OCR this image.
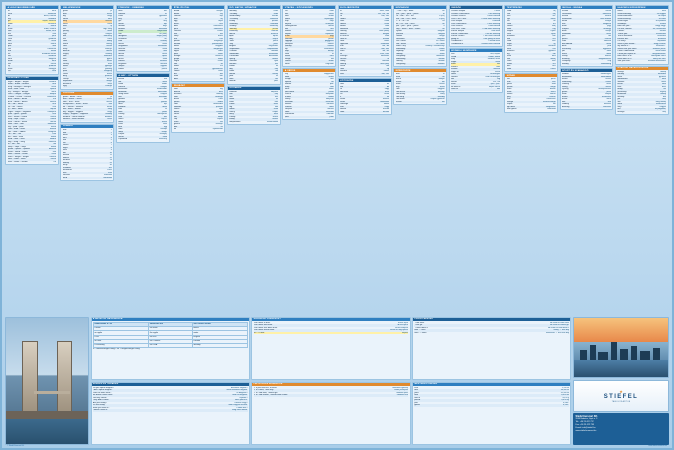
A LEGGYAKORIBB IGÉK
be	lenni
have	birtokolni
do	tenni, csinálni
say	mondani
get	kapni, szerezni
make	készíteni
go	menni
know	tudni, ismerni
take	venni, vinni
see	látni
come	jönni
think	gondolni
look	nézni
want	akarni
give	adni
use	használni
find	találni
tell	mondani vkinek
ask	kérdezni
work	dolgozni
seem	tűnni
feel	érezni
try	próbálni
leave	elhagyni
call	hívni
RENDHAGYÓ IGÉK
begin – began – begun	kezdeni
break – broke – broken	törni
bring – brought – brought	hozni
build – built – built	építeni
buy – bought – bought	venni
catch – caught – caught	elkapni
choose – chose – chosen	választani
drink – drank – drunk	inni
drive – drove – driven	vezetni
eat – ate – eaten	enni
fall – fell – fallen	esni
fly – flew – flown	repülni
forget – forgot – forgotten	elfelejteni
grow – grew – grown	nőni
hear – heard – heard	hallani
keep – kept – kept	tartani
learn – learnt – learnt	tanulni
meet – met – met	találkozni
pay – paid – paid	fizetni
read – read – read	olvasni
ride – rode – ridden	lovagolni
run – ran – run	futni
sell – sold – sold	eladni
send – sent – sent	küldeni
sing – sang – sung	énekelni
sit – sat – sat	ülni
sleep – slept – slept	aludni
speak – spoke – spoken	beszélni
stand – stood – stood	állni
swim – swam – swum	úszni
teach – taught – taught	tanítani
wear – wore – worn	viselni
write – wrote – written	írni
MELLÉKNEVEK
good	jó
bad	rossz
big	nagy
small	kicsi
long	hosszú
short	rövid
new	új
old	régi, öreg
young	fiatal
high	magas
low	alacsony
hot	forró
cold	hideg
warm	meleg
cool	hűvös
easy	könnyű
difficult	nehéz
happy	boldog
sad	szomorú
fast	gyors
slow	lassú
strong	erős
weak	gyenge
rich	gazdag
poor	szegény
clean	tiszta
dirty	piszkos
cheap	olcsó
expensive	drága
beautiful	szép
ugly	csúnya
FOKOZÁS
good – better – best	jó
bad – worse – worst	rossz
little – less – least	kevés
many/much – more – most	sok
far – farther – farthest	távoli
old – older – oldest	öreg
big – bigger – biggest	nagy
happy – happier – happiest	boldog
modern – more modern	modern
famous – more famous	híres
SZÁMOK
one	1
two	2
three	3
four	4
five	5
six	6
seven	7
eight	8
nine	9
ten	10
eleven	11
twelve	12
thirteen	13
twenty	20
thirty	30
hundred	100
thousand	1000
first	első
second	második
third	harmadik
FŐNEVEK – EMBEREK
man	férfi
woman	nő
child	gyermek
boy	fiú
girl	lány
father	apa
mother	anya
brother	fiútestvér
sister	lánytestvér
son	fiú (vkié)
daughter	lánya (vkié)
husband	férj
wife	feleség
friend	barát
neighbour	szomszéd
teacher	tanár
student	diák
doctor	orvos
nurse	ápoló
driver	sofőr
worker	munkás
engineer	mérnök
lawyer	ügyvéd
waiter	pincér
A HÁZ – OTTHON
house	ház
flat	lakás
room	szoba
kitchen	konyha
bathroom	fürdőszoba
bedroom	hálószoba
living room	nappali
hall	előszoba
garden	kert
garage	garázs
door	ajtó
window	ablak
wall	fal
floor	padló
ceiling	mennyezet
roof	tető
stairs	lépcső
table	asztal
chair	szék
bed	ágy
sofa	kanapé
lamp	lámpa
carpet	szőnyeg
mirror	tükör
cupboard	szekrény
ÉTEL ÉS ITAL
bread	kenyér
butter	vaj
cheese	sajt
milk	tej
egg	tojás
meat	hús
beef	marhahús
pork	sertéshús
chicken	csirke
fish	hal
soup	leves
rice	rizs
potato	burgonya
tomato	paradicsom
onion	hagyma
carrot	sárgarépa
apple	alma
pear	körte
orange	narancs
grape	szőlő
sugar	cukor
salt	só
water	víz
juice	gyümölcslé
coffee	kávé
tea	tea
wine	bor
beer	sör
RUHÁZAT
shirt	ing
blouse	blúz
trousers	nadrág
skirt	szoknya
dress	ruha
jacket	kabát
coat	felsőkabát
sweater	pulóver
shoes	cipő
boots	csizma
socks	zokni
hat	kalap
cap	sapka
scarf	sál
gloves	kesztyű
belt	öv
tie	nyakkendő
IDŐ, NAPOK, HÓNAPOK
Monday	hétfő
Tuesday	kedd
Wednesday	szerda
Thursday	csütörtök
Friday	péntek
Saturday	szombat
Sunday	vasárnap
January	január
February	február
March	március
April	április
May	május
June	június
July	július
August	augusztus
September	szeptember
October	október
November	november
December	december
spring	tavasz
summer	nyár
autumn	ősz
winter	tél
day	nap
week	hét
month	hónap
year	év
hour	óra
minute	perc
IDŐJÁRÁS
weather	időjárás
sun	nap
rain	eső
snow	hó
wind	szél
cloud	felhő
fog	köd
storm	vihar
sunny	napos
rainy	esős
cloudy	felhős
windy	szeles
temperature	hőmérséklet
UTAZÁS – KÖZLEKEDÉS
car	autó
bus	busz
train	vonat
plane	repülőgép
ship	hajó
bicycle	kerékpár
underground	metró
taxi	taxi
station	állomás
airport	repülőtér
ticket	jegy
platform	peron
luggage	poggyász
passport	útlevél
journey	utazás
trip	kirándulás
map	térkép
road	út
street	utca
bridge	híd
corner	sarok
traffic	forgalom
A VÁROS
city	nagyváros
town	város
village	falu
square	tér
market	piac
shop	bolt
bank	bank
post office	posta
church	templom
school	iskola
library	könyvtár
museum	múzeum
theatre	színház
cinema	mozi
hospital	kórház
hotel	szálloda
restaurant	étterem
park	park
ELÖLJÁRÓSZÓK
in	-ban, -ben
on	-on, -en, -ön
at	-nál, -nél
under	alatt
over	fölött
above	felett
below	alatt
between	között
among	közt (több)
behind	mögött
in front of	előtt
next to	mellett
near	közel
opposite	szemben
into	-ba, -be
out of	-ból, -ből
from	-tól, -től
to	-hoz, -hez
through	keresztül
across	át
along	mentén
during	alatt (idő)
since	óta
until	-ig
without	nélkül
with	-val, -vel
KÖTŐSZÓK
and	és
but	de
or	vagy
because	mert
so	tehát
if	ha
when	amikor
while	miközben
although	habár
that	hogy
before	mielőtt
after	miután
NÉVMÁSOK
I – me – my – mine	én
you – you – your – yours	te
he – him – his – his	ő (hn)
she – her – her – hers	ő (nn)
it – it – its – its	az
we – us – our – ours	mi
you – you – your – yours	ti
they – them – their – theirs	ők
myself	magam
yourself	magad
himself	maga
ourselves	magunk
this / these	ez / ezek
that / those	az / azok
some / any	néhány / valamennyi
somebody	valaki
anybody	bárki
nobody	senki
everybody	mindenki
something	valami
nothing	semmi
everything	minden
KÉRDŐSZÓK
who	ki
what	mi
which	melyik
where	hol
when	mikor
why	miért
how	hogyan
how much	mennyi
how many	hány
how long	meddig
how often	milyen gyakran
whose	kié
IGEIDŐK
Present Simple	I work
Present Continuous	I am working
Present Perfect	I have worked
Pres. Perf. Cont.	I have been working
Past Simple	I worked
Past Continuous	I was working
Past Perfect	I had worked
Past Perf. Cont.	I had been working
Future Simple	I will work
Future Continuous	I will be working
Future Perfect	I will have worked
going to	I am going to work
Conditional I	I would work
Conditional II	I would have worked
MÓDBELI SEGÉDIGÉK
can	tud, képes
could	tudott, tudna
may	szabad, lehet
might	talán
must	kell
mustn't	tilos
should	kellene
ought to	illene
need	szükséges
needn't	nem szükséges
will	fog
would	-na, -ne
shall	-jak? -jek?
be able to	képes vmire
have to	kell
TESTRÉSZEK
head	fej
hair	haj
face	arc
eye	szem
ear	fül
nose	orr
mouth	száj
tooth	fog
tongue	nyelv
neck	nyak
shoulder	váll
arm	kar
hand	kéz
finger	ujj
chest	mellkas
back	hát
stomach	gyomor
leg	láb
knee	térd
foot	lábfej
heart	szív
blood	vér
skin	bőr
bone	csont
SZÍNEK
red	piros
blue	kék
green	zöld
yellow	sárga
black	fekete
white	fehér
brown	barna
grey	szürke
pink	rózsaszín
orange	narancssárga
purple	lila
light blue	világoskék
dark green	sötétzöld
ISKOLA – MUNKA
school	iskola
classroom	tanterem
lesson	tanóra
homework	házi feladat
exam	vizsga
test	dolgozat
mark	jegy
subject	tantárgy
book	könyv
notebook	füzet
pen	toll
pencil	ceruza
ruler	vonalzó
blackboard	tábla
desk	pad
university	egyetem
job	állás
office	iroda
salary	fizetés
meeting	megbeszélés
company	cég
holiday	szabadság
SPORT ÉS SZABADIDŐ
football	labdarúgás
basketball	kosárlabda
tennis	tenisz
swimming	úszás
running	futás
skiing	síelés
cycling	kerékpározás
game	játék
team	csapat
match	mérkőzés
music	zene
film	film
reading	olvasás
dancing	táncolás
HASZNOS KIFEJEZÉSEK
Hello!	Szia!
Good morning!	Jó reggelt!
Good afternoon!	Jó napot!
Good evening!	Jó estét!
Good night!	Jó éjszakát!
Goodbye!	Viszlát!
How are you?	Hogy vagy?
I'm fine, thanks.	Jól, köszönöm.
Please.	Kérem.
Thank you.	Köszönöm.
You're welcome.	Szívesen.
Excuse me.	Elnézést.
I'm sorry.	Sajnálom.
What's your name?	Hogy hívnak?
My name is…	A nevem…
Where are you from?	Honnan jössz?
I don't understand.	Nem értem.
Could you repeat it?	Megismételné?
How much is it?	Mennyibe kerül?
What time is it?	Hány óra van?
See you later!	Később találkozunk!
GYAKORI HATÁROZÓSZÓK
always	mindig
usually	általában
often	gyakran
sometimes	néha
seldom	ritkán
never	soha
now	most
today	ma
yesterday	tegnap
tomorrow	holnap
already	már
yet	még
still	még mindig
soon	hamarosan
very	nagyon
too	túl(ságosan)
enough	elég
A NÉVELŐK HASZNÁLATA
határozatlan a / an	határozott the	zéró névelő nélkül
a book	the book	books
an apple	the apple	water
a car	the sun	English
an hour	the Thames	London
a university	the USA	Monday
a + mássalhangzó hang • an + magánhangzó hang
KÉRDÉS ÉS TAGADÁS
Do you speak English?	Beszélsz angolul?
I don't speak English.	Nem beszélek angolul.
Does he work here?	Itt dolgozik?
He doesn't work here.	Nem itt dolgozik.
Did they come?	Eljöttek?
They didn't come.	Nem jöttek el.
Are you ready?	Készen vagy?
I'm not ready.	Nem vagyok készen.
Have you seen it?	Láttad már?
I haven't seen it.	Még nem láttam.
SZENVEDŐ SZERKEZET
The house is built.	A ház épül.
The house was built.	A ház épült.
The house has been built.	A ház felépült.
The house will be built.	A ház fel fog épülni.
be + 3. alak	képzés
FELTÉTELES MONDATOK
0. If you heat ice, it melts.	általános igazság
1. If it rains, I will stay.	valós jelen/jövő
2. If I had time, I would go.	valótlan jelen
3. If I had known, I would have come.	valótlan múlt
FÜGGŐ BESZÉD
"I am tired."	He said he was tired.
"I will go."	He said he would go.
"I have done it."	He said he had done it.
now → then	today → that day
here → there	tomorrow → the next day
MÉRTÉKEGYSÉGEK
inch	2,54 cm
foot	30,48 cm
yard	91,44 cm
mile	1,609 km
ounce	28,35 g
pound	0,454 kg
pint	0,568 l
gallon	4,546 l
★
STIEFEL
TANULÓKÁRTYA
Stiefel Eurocart Kft.
2040 Budaörs, Gyár u. 2.
Tel.: +36 23 422 737
Fax: +36 23 422 738
E-mail: info@stiefel.hu
www.stiefel-eurocart.hu
© Stiefel Eurocart Kft.	www.stiefel-eurocart.hu
